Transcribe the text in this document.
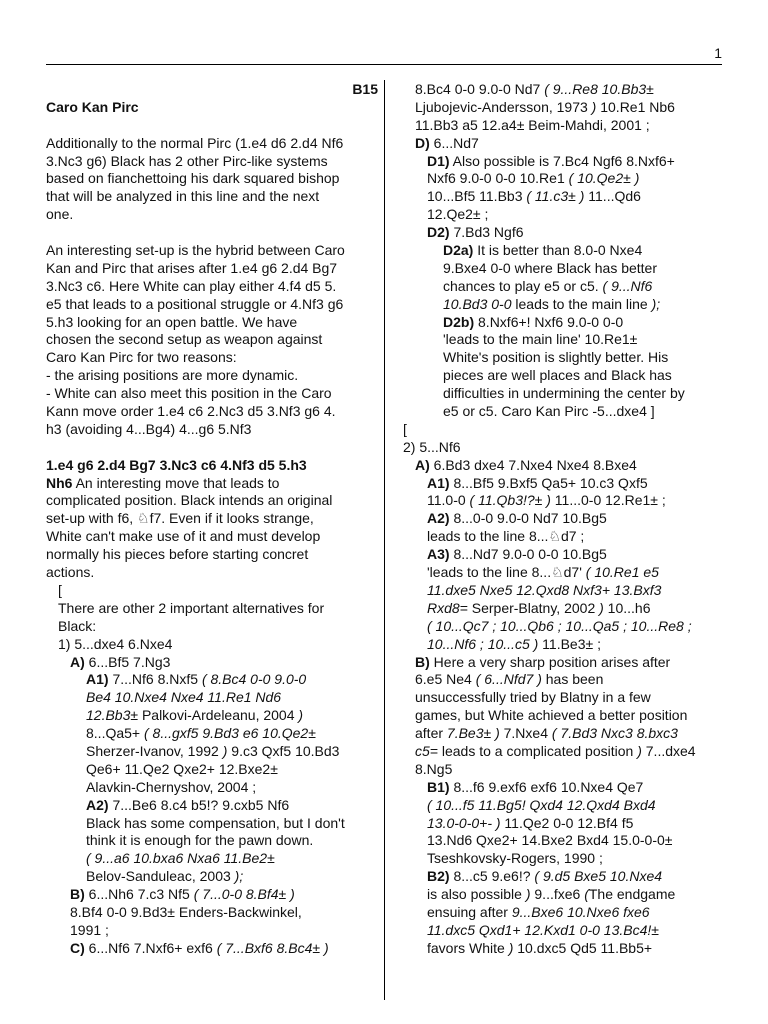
1
B15
Caro Kan Pirc
Additionally to the normal Pirc (1.e4 d6 2.d4 Nf6
3.Nc3 g6) Black has 2 other Pirc-like systems
based on fianchettoing his dark squared bishop
that will be analyzed in this line and the next
one.
An interesting set-up is the hybrid between Caro
Kan and Pirc that arises after 1.e4 g6 2.d4 Bg7
3.Nc3 c6. Here White can play either 4.f4 d5 5.
e5 that leads to a positional struggle or 4.Nf3 g6
5.h3 looking for an open battle. We have
chosen the second setup as weapon against
Caro Kan Pirc for two reasons:
- the arising positions are more dynamic.
- White can also meet this position in the Caro
Kann move order 1.e4 c6 2.Nc3 d5 3.Nf3 g6 4.
h3 (avoiding 4...Bg4) 4...g6 5.Nf3
1.e4 g6 2.d4 Bg7 3.Nc3 c6 4.Nf3 d5 5.h3
Nh6 An interesting move that leads to
complicated position. Black intends an original
set-up with f6, ♘f7. Even if it looks strange,
White can't make use of it and must develop
normally his pieces before starting concret
actions.
[
There are other 2 important alternatives for
Black:
1) 5...dxe4 6.Nxe4
A) 6...Bf5 7.Ng3
A1) 7...Nf6 8.Nxf5 ( 8.Bc4 0-0 9.0-0
Be4 10.Nxe4 Nxe4 11.Re1 Nd6
12.Bb3± Palkovi-Ardeleanu, 2004 )
8...Qa5+ ( 8...gxf5 9.Bd3 e6 10.Qe2±
Sherzer-Ivanov, 1992 ) 9.c3 Qxf5 10.Bd3
Qe6+ 11.Qe2 Qxe2+ 12.Bxe2±
Alavkin-Chernyshov, 2004 ;
A2) 7...Be6 8.c4 b5!? 9.cxb5 Nf6
Black has some compensation, but I don't
think it is enough for the pawn down.
( 9...a6 10.bxa6 Nxa6 11.Be2±
Belov-Sanduleac, 2003 );
B) 6...Nh6 7.c3 Nf5 ( 7...0-0 8.Bf4± )
8.Bf4 0-0 9.Bd3± Enders-Backwinkel,
1991 ;
C) 6...Nf6 7.Nxf6+ exf6 ( 7...Bxf6 8.Bc4± )
8.Bc4 0-0 9.0-0 Nd7 ( 9...Re8 10.Bb3±
Ljubojevic-Andersson, 1973 ) 10.Re1 Nb6
11.Bb3 a5 12.a4± Beim-Mahdi, 2001 ;
D) 6...Nd7
D1) Also possible is 7.Bc4 Ngf6 8.Nxf6+
Nxf6 9.0-0 0-0 10.Re1 ( 10.Qe2± )
10...Bf5 11.Bb3 ( 11.c3± ) 11...Qd6
12.Qe2± ;
D2) 7.Bd3 Ngf6
D2a) It is better than 8.0-0 Nxe4
9.Bxe4 0-0 where Black has better
chances to play e5 or c5. ( 9...Nf6
10.Bd3 0-0 leads to the main line );
D2b) 8.Nxf6+! Nxf6 9.0-0 0-0
'leads to the main line' 10.Re1±
White's position is slightly better. His
pieces are well places and Black has
difficulties in undermining the center by
e5 or c5. Caro Kan Pirc -5...dxe4 ]
[
2) 5...Nf6
A) 6.Bd3 dxe4 7.Nxe4 Nxe4 8.Bxe4
A1) 8...Bf5 9.Bxf5 Qa5+ 10.c3 Qxf5
11.0-0 ( 11.Qb3!?± ) 11...0-0 12.Re1± ;
A2) 8...0-0 9.0-0 Nd7 10.Bg5
leads to the line 8...♘d7 ;
A3) 8...Nd7 9.0-0 0-0 10.Bg5
'leads to the line 8...♘d7' ( 10.Re1 e5
11.dxe5 Nxe5 12.Qxd8 Nxf3+ 13.Bxf3
Rxd8= Serper-Blatny, 2002 ) 10...h6
( 10...Qc7 ; 10...Qb6 ; 10...Qa5 ; 10...Re8 ;
10...Nf6 ; 10...c5 ) 11.Be3± ;
B) Here a very sharp position arises after
6.e5 Ne4 ( 6...Nfd7 ) has been
unsuccessfully tried by Blatny in a few
games, but White achieved a better position
after 7.Be3± ) 7.Nxe4 ( 7.Bd3 Nxc3 8.bxc3
c5= leads to a complicated position ) 7...dxe4
8.Ng5
B1) 8...f6 9.exf6 exf6 10.Nxe4 Qe7
( 10...f5 11.Bg5! Qxd4 12.Qxd4 Bxd4
13.0-0-0+- ) 11.Qe2 0-0 12.Bf4 f5
13.Nd6 Qxe2+ 14.Bxe2 Bxd4 15.0-0-0±
Tseshkovsky-Rogers, 1990 ;
B2) 8...c5 9.e6!? ( 9.d5 Bxe5 10.Nxe4
is also possible ) 9...fxe6 (The endgame
ensuing after 9...Bxe6 10.Nxe6 fxe6
11.dxc5 Qxd1+ 12.Kxd1 0-0 13.Bc4!±
favors White ) 10.dxc5 Qd5 11.Bb5+
